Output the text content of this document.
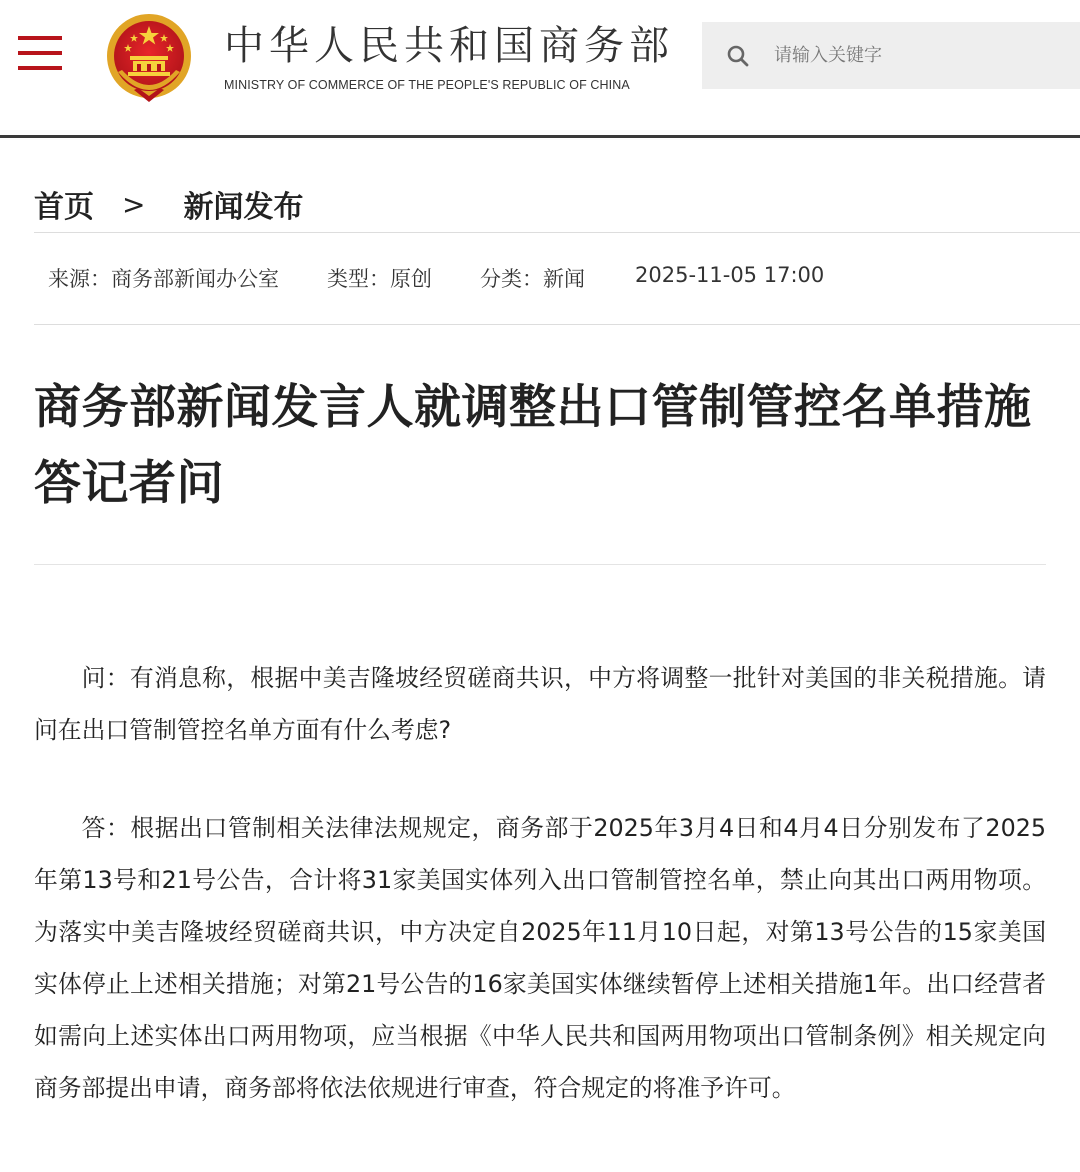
中华人民共和国商务部
MINISTRY OF COMMERCE OF THE PEOPLE'S REPUBLIC OF CHINA
请输入关键字
首页 > 新闻发布
来源：商务部新闻办公室 类型：原创 分类：新闻 2025-11-05 17:00
商务部新闻发言人就调整出口管制管控名单措施答记者问

问：有消息称，根据中美吉隆坡经贸磋商共识，中方将调整一批针对美国的非关税措施。请问在出口管制管控名单方面有什么考虑?

答：根据出口管制相关法律法规规定，商务部于2025年3月4日和4月4日分别发布了2025年第13号和21号公告，合计将31家美国实体列入出口管制管控名单，禁止向其出口两用物项。为落实中美吉隆坡经贸磋商共识，中方决定自2025年11月10日起，对第13号公告的15家美国实体停止上述相关措施；对第21号公告的16家美国实体继续暂停上述相关措施1年。出口经营者如需向上述实体出口两用物项，应当根据《中华人民共和国两用物项出口管制条例》相关规定向商务部提出申请，商务部将依法依规进行审查，符合规定的将准予许可。
